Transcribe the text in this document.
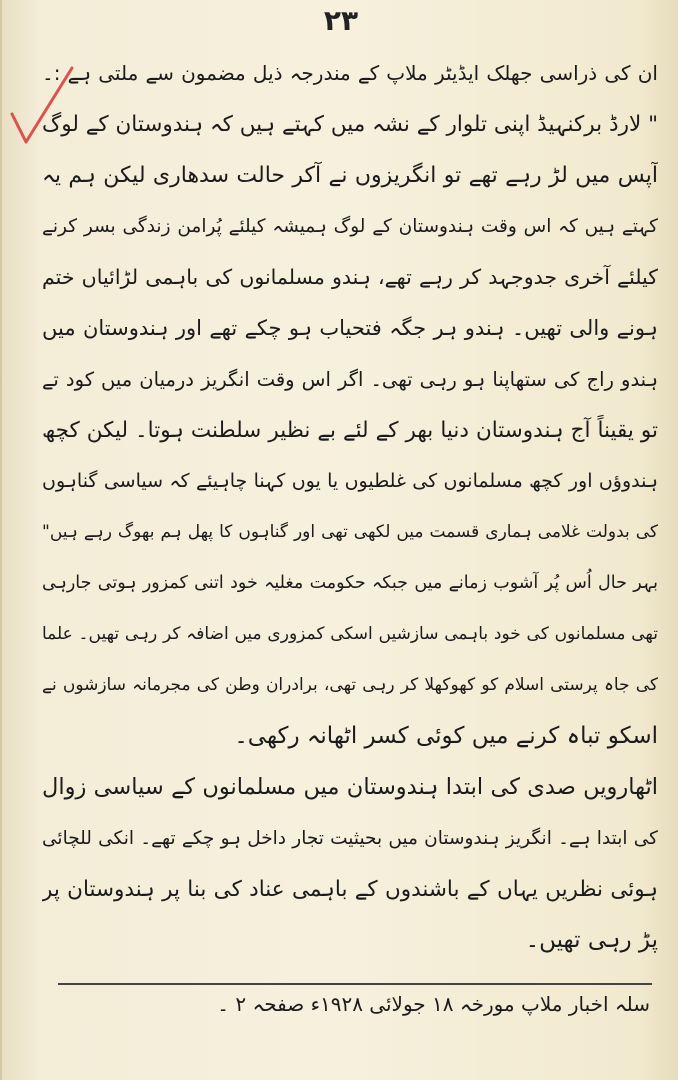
۲۳
ان کی ذراسی جھلک ایڈیٹر ملاپ کے مندرجہ ذیل مضمون سے ملتی ہے :۔
" لارڈ برکنہیڈ اپنی تلوار کے نشہ میں کہتے ہیں کہ ہندوستان کے لوگ
آپس میں لڑ رہے تھے تو انگریزوں نے آکر حالت سدھاری لیکن ہم یہ
کہتے ہیں کہ اس وقت ہندوستان کے لوگ ہمیشہ کیلئے پُرامن زندگی بسر کرنے
کیلئے آخری جدوجہد کر رہے تھے، ہندو مسلمانوں کی باہمی لڑائیاں ختم
ہونے والی تھیں۔ ہندو ہر جگہ فتحیاب ہو چکے تھے اور ہندوستان میں
ہندو راج کی ستھاپنا ہو رہی تھی۔ اگر اس وقت انگریز درمیان میں کود تے
تو یقیناً آج ہندوستان دنیا بھر کے لئے بے نظیر سلطنت ہوتا۔ لیکن کچھ
ہندوؤں اور کچھ مسلمانوں کی غلطیوں یا یوں کہنا چاہیئے کہ سیاسی گناہوں
کی بدولت غلامی ہماری قسمت میں لکھی تھی اور گناہوں کا پھل ہم بھوگ رہے ہیں"
بہر حال اُس پُر آشوب زمانے میں جبکہ حکومت مغلیہ خود اتنی کمزور ہوتی جارہی
تھی مسلمانوں کی خود باہمی سازشیں اسکی کمزوری میں اضافہ کر رہی تھیں۔ علما
کی جاہ پرستی اسلام کو کھوکھلا کر رہی تھی، برادران وطن کی مجرمانہ سازشوں نے
اسکو تباہ کرنے میں کوئی کسر اٹھانہ رکھی۔
اٹھارویں صدی کی ابتدا ہندوستان میں مسلمانوں کے سیاسی زوال
کی ابتدا ہے۔ انگریز ہندوستان میں بحیثیت تجار داخل ہو چکے تھے۔ انکی للچائی
ہوئی نظریں یہاں کے باشندوں کے باہمی عناد کی بنا پر ہندوستان پر
پڑ رہی تھیں۔
سلہ اخبار ملاپ مورخہ ۱۸ جولائی ۱۹۲۸ء صفحہ ۲ ۔
